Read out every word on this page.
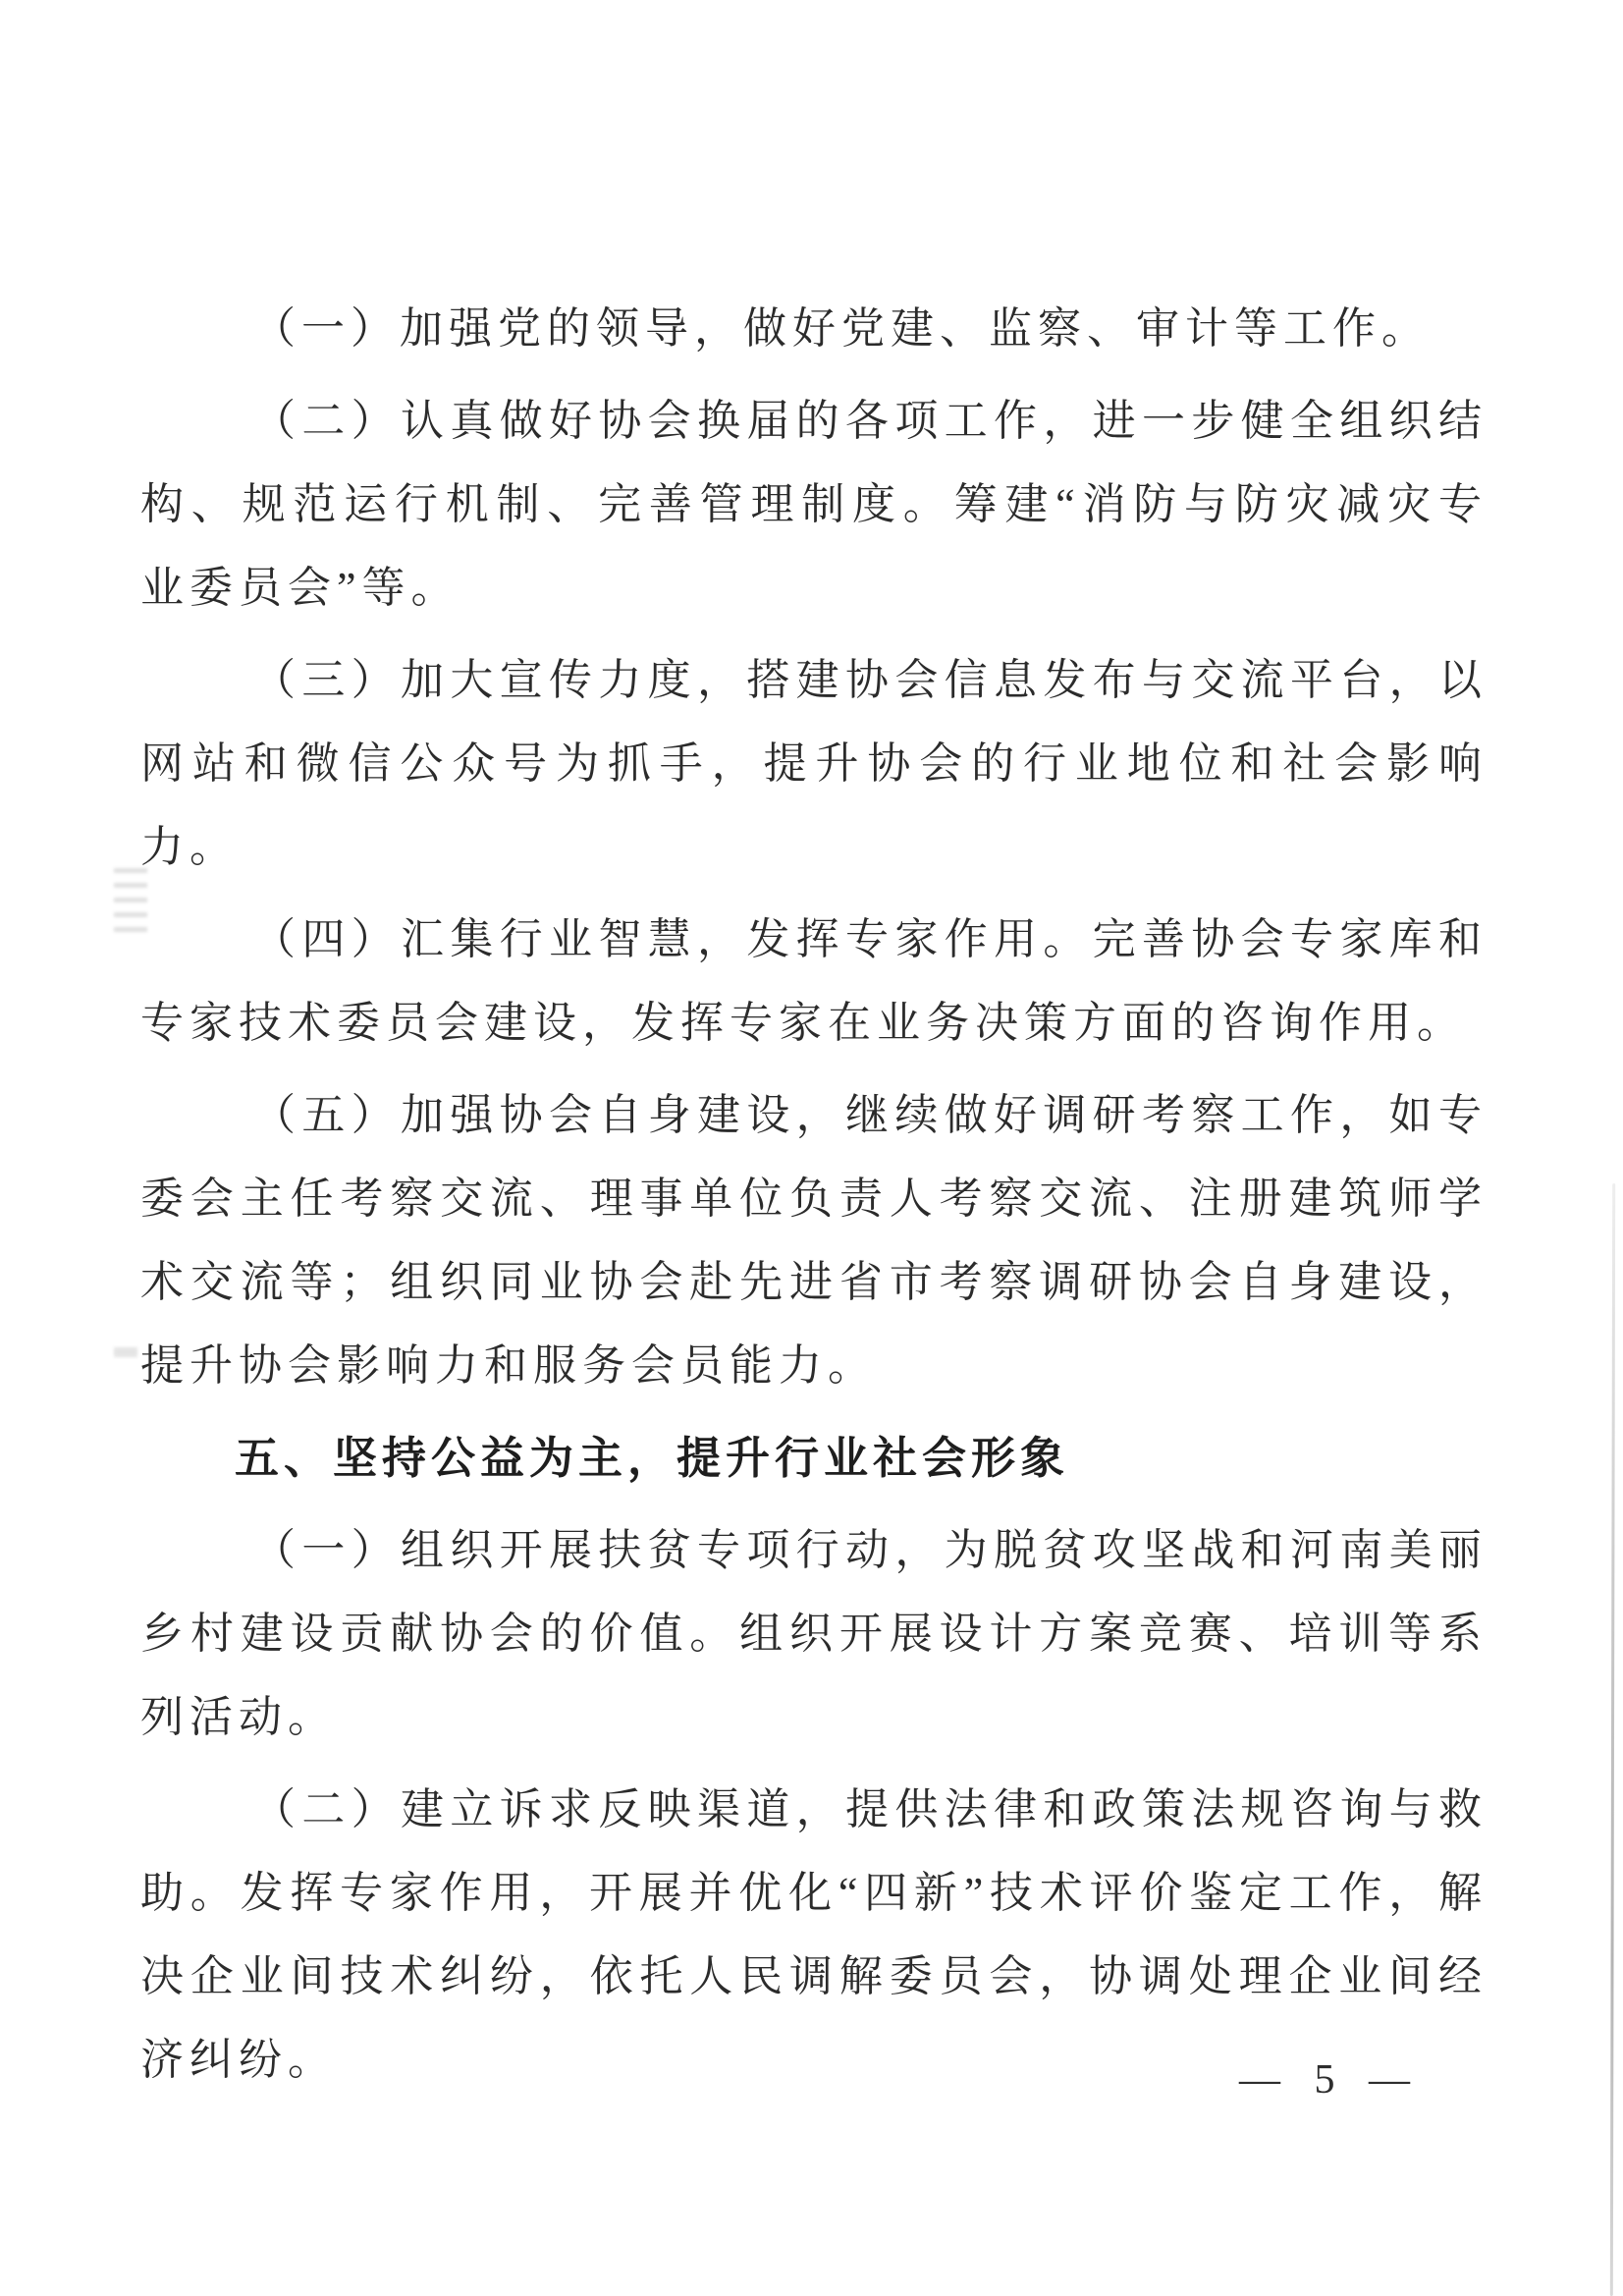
（一）加强党的领导，做好党建、监察、审计等工作。

（二）认真做好协会换届的各项工作，进一步健全组织结构、规范运行机制、完善管理制度。筹建“消防与防灾减灾专业委员会”等。

（三）加大宣传力度，搭建协会信息发布与交流平台，以网站和微信公众号为抓手，提升协会的行业地位和社会影响力。

（四）汇集行业智慧，发挥专家作用。完善协会专家库和专家技术委员会建设，发挥专家在业务决策方面的咨询作用。

（五）加强协会自身建设，继续做好调研考察工作，如专委会主任考察交流、理事单位负责人考察交流、注册建筑师学术交流等；组织同业协会赴先进省市考察调研协会自身建设，提升协会影响力和服务会员能力。

五、坚持公益为主，提升行业社会形象

（一）组织开展扶贫专项行动，为脱贫攻坚战和河南美丽乡村建设贡献协会的价值。组织开展设计方案竞赛、培训等系列活动。

（二）建立诉求反映渠道，提供法律和政策法规咨询与救助。发挥专家作用，开展并优化“四新”技术评价鉴定工作，解决企业间技术纠纷，依托人民调解委员会，协调处理企业间经济纠纷。	— 5 —
